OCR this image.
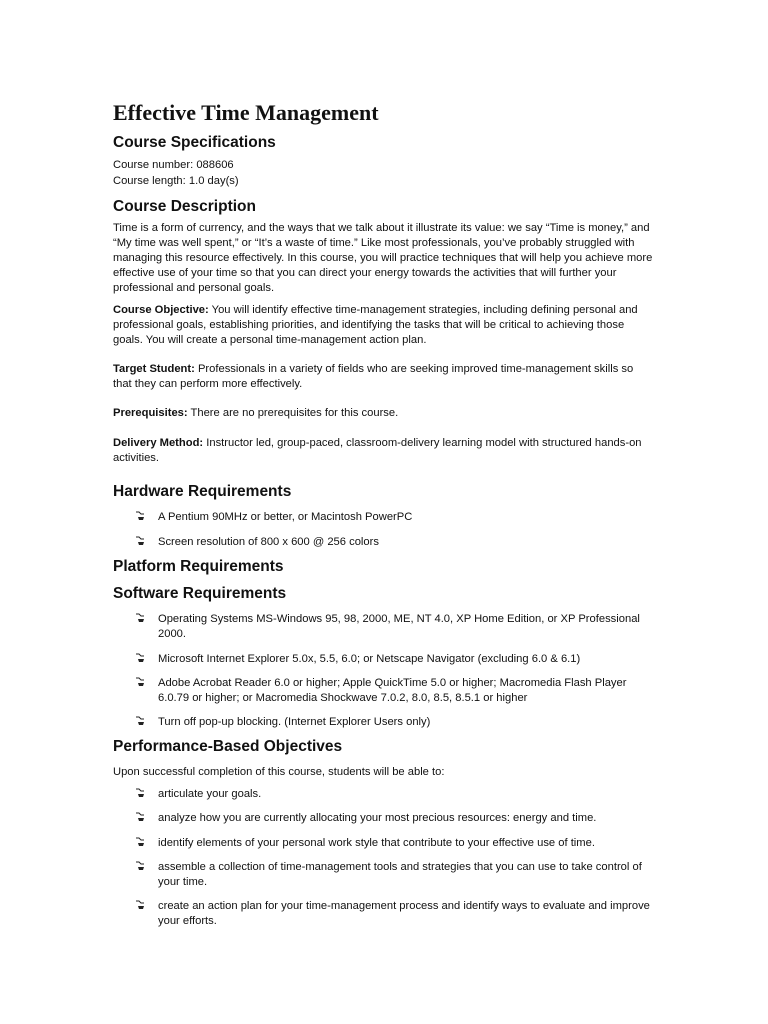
Effective Time Management
Course Specifications

Course number: 088606

Course length: 1.0 day(s)

Course Description

Time is a form of currency, and the ways that we talk about it illustrate its value: we say “Time is money,” and “My time was well spent,” or “It’s a waste of time.” Like most professionals, you’ve probably struggled with managing this resource effectively. In this course, you will practice techniques that will help you achieve more effective use of your time so that you can direct your energy towards the activities that will further your professional and personal goals.

Course Objective: You will identify effective time-management strategies, including defining personal and professional goals, establishing priorities, and identifying the tasks that will be critical to achieving those goals. You will create a personal time-management action plan.

Target Student: Professionals in a variety of fields who are seeking improved time-management skills so that they can perform more effectively.

Prerequisites: There are no prerequisites for this course.

Delivery Method: Instructor led, group-paced, classroom-delivery learning model with structured hands-on activities.

Hardware Requirements

A Pentium 90MHz or better, or Macintosh PowerPC

Screen resolution of 800 x 600 @ 256 colors

Platform Requirements
Software Requirements

Operating Systems MS-Windows 95, 98, 2000, ME, NT 4.0, XP Home Edition, or XP Professional 2000.

Microsoft Internet Explorer 5.0x, 5.5, 6.0; or Netscape Navigator (excluding 6.0 & 6.1)

Adobe Acrobat Reader 6.0 or higher; Apple QuickTime 5.0 or higher; Macromedia Flash Player 6.0.79 or higher; or Macromedia Shockwave 7.0.2, 8.0, 8.5, 8.5.1 or higher

Turn off pop-up blocking. (Internet Explorer Users only)

Performance-Based Objectives

Upon successful completion of this course, students will be able to:

articulate your goals.

analyze how you are currently allocating your most precious resources: energy and time.

identify elements of your personal work style that contribute to your effective use of time.

assemble a collection of time-management tools and strategies that you can use to take control of your time.

create an action plan for your time-management process and identify ways to evaluate and improve your efforts.
